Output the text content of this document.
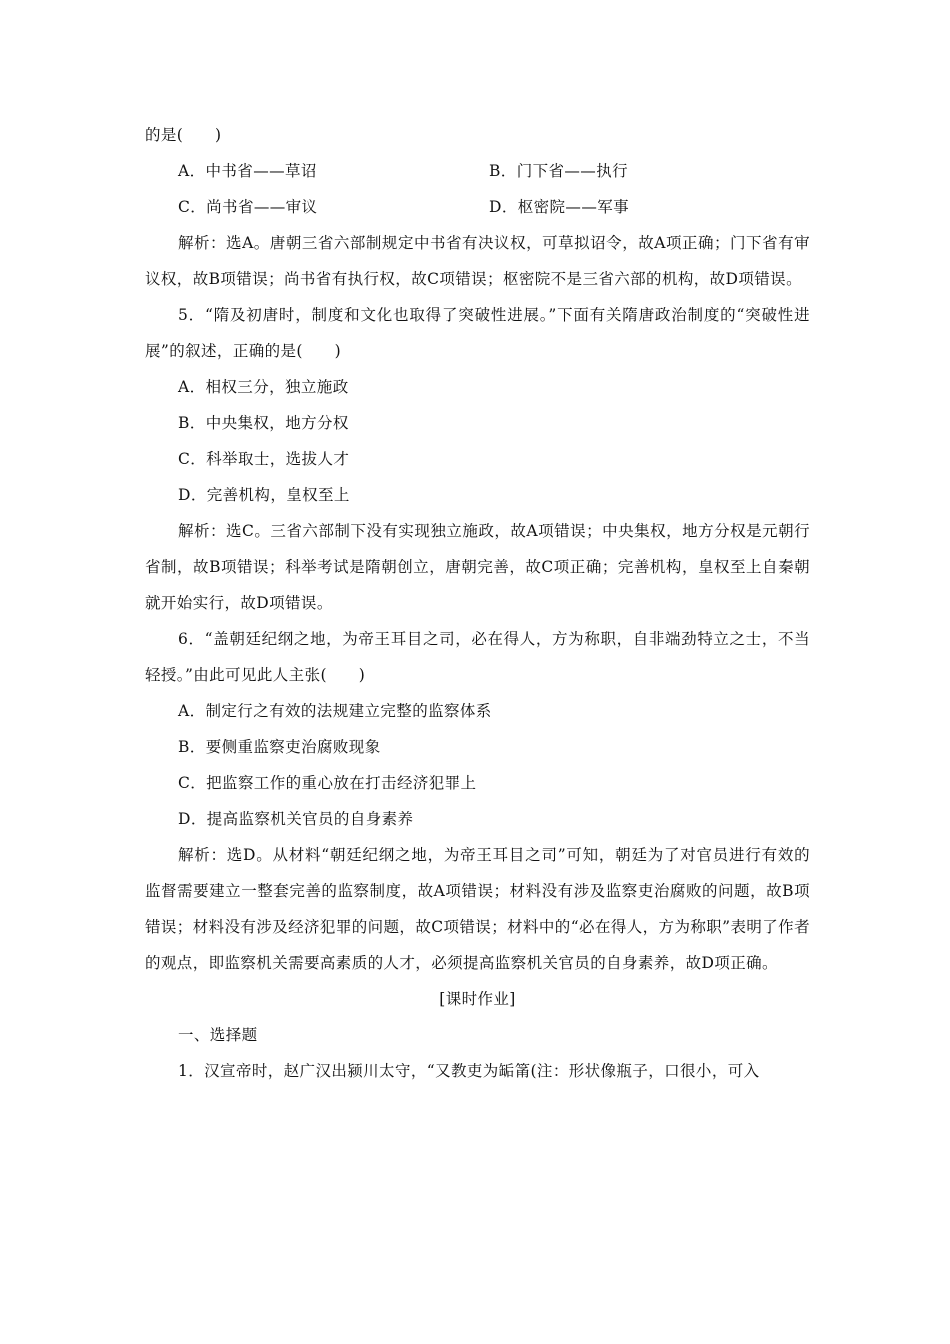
的是(　　)

A．中书省——草诏	B．门下省——执行
C．尚书省——审议	D．枢密院——军事

解析：选A。唐朝三省六部制规定中书省有决议权，可草拟诏令，故A项正确；门下省有审议权，故B项错误；尚书省有执行权，故C项错误；枢密院不是三省六部的机构，故D项错误。

5．“隋及初唐时，制度和文化也取得了突破性进展。”下面有关隋唐政治制度的“突破性进展”的叙述，正确的是(　　)

A．相权三分，独立施政

B．中央集权，地方分权

C．科举取士，选拔人才

D．完善机构，皇权至上

解析：选C。三省六部制下没有实现独立施政，故A项错误；中央集权，地方分权是元朝行省制，故B项错误；科举考试是隋朝创立，唐朝完善，故C项正确；完善机构，皇权至上自秦朝就开始实行，故D项错误。

6．“盖朝廷纪纲之地，为帝王耳目之司，必在得人，方为称职，自非端劲特立之士，不当轻授。”由此可见此人主张(　　)

A．制定行之有效的法规建立完整的监察体系

B．要侧重监察吏治腐败现象

C．把监察工作的重心放在打击经济犯罪上

D．提高监察机关官员的自身素养

解析：选D。从材料“朝廷纪纲之地，为帝王耳目之司”可知，朝廷为了对官员进行有效的监督需要建立一整套完善的监察制度，故A项错误；材料没有涉及监察吏治腐败的问题，故B项错误；材料没有涉及经济犯罪的问题，故C项错误；材料中的“必在得人，方为称职”表明了作者的观点，即监察机关需要高素质的人才，必须提高监察机关官员的自身素养，故D项正确。

[课时作业]

一、选择题

1．汉宣帝时，赵广汉出颍川太守，“又教吏为缿筩(注：形状像瓶子，口很小，可入
